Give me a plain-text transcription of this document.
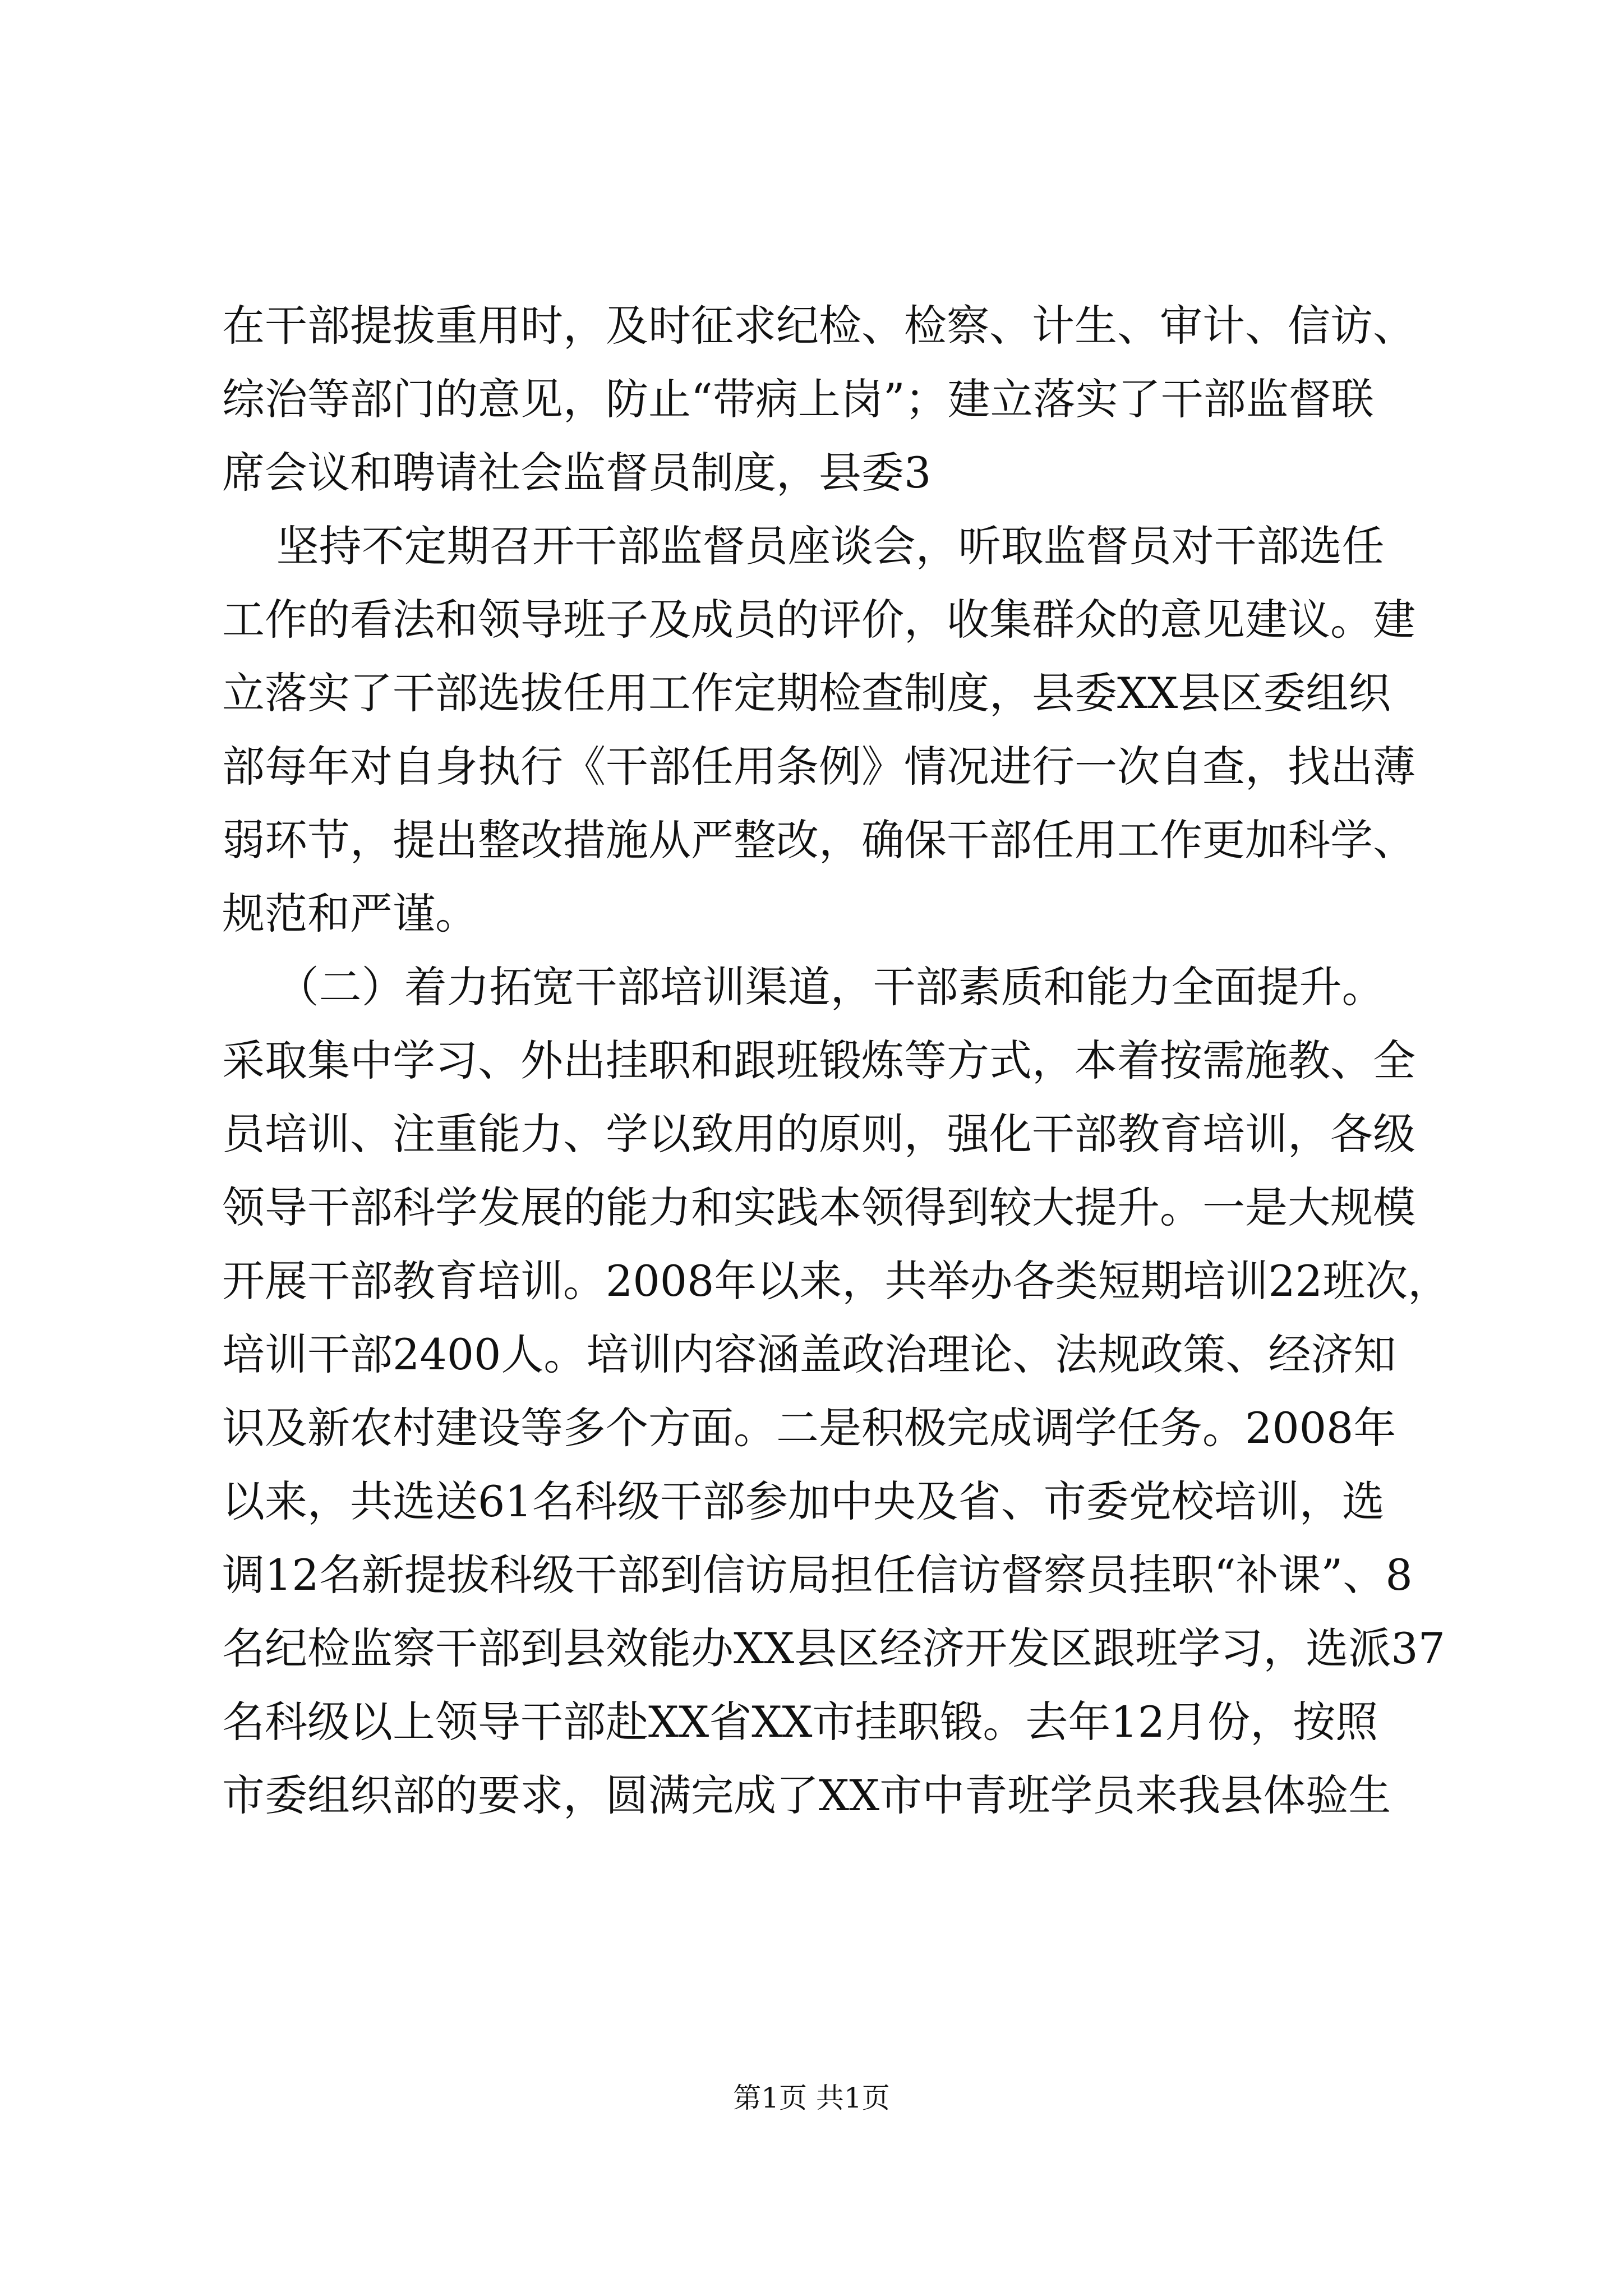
在干部提拔重用时，及时征求纪检、检察、计生、审计、信访、
综治等部门的意见，防止“带病上岗”；建立落实了干部监督联
席会议和聘请社会监督员制度，县委3
坚持不定期召开干部监督员座谈会，听取监督员对干部选任
工作的看法和领导班子及成员的评价，收集群众的意见建议。建
立落实了干部选拔任用工作定期检查制度，县委XX县区委组织
部每年对自身执行《干部任用条例》情况进行一次自查，找出薄
弱环节，提出整改措施从严整改，确保干部任用工作更加科学、
规范和严谨。
（二）着力拓宽干部培训渠道，干部素质和能力全面提升。
采取集中学习、外出挂职和跟班锻炼等方式，本着按需施教、全
员培训、注重能力、学以致用的原则，强化干部教育培训，各级
领导干部科学发展的能力和实践本领得到较大提升。一是大规模
开展干部教育培训。2008年以来，共举办各类短期培训22班次，
培训干部2400人。培训内容涵盖政治理论、法规政策、经济知
识及新农村建设等多个方面。二是积极完成调学任务。2008年
以来，共选送61名科级干部参加中央及省、市委党校培训，选
调12名新提拔科级干部到信访局担任信访督察员挂职“补课”、8
名纪检监察干部到县效能办XX县区经济开发区跟班学习，选派37
名科级以上领导干部赴XX省XX市挂职锻。去年12月份，按照
市委组织部的要求，圆满完成了XX市中青班学员来我县体验生
第1页 共1页
